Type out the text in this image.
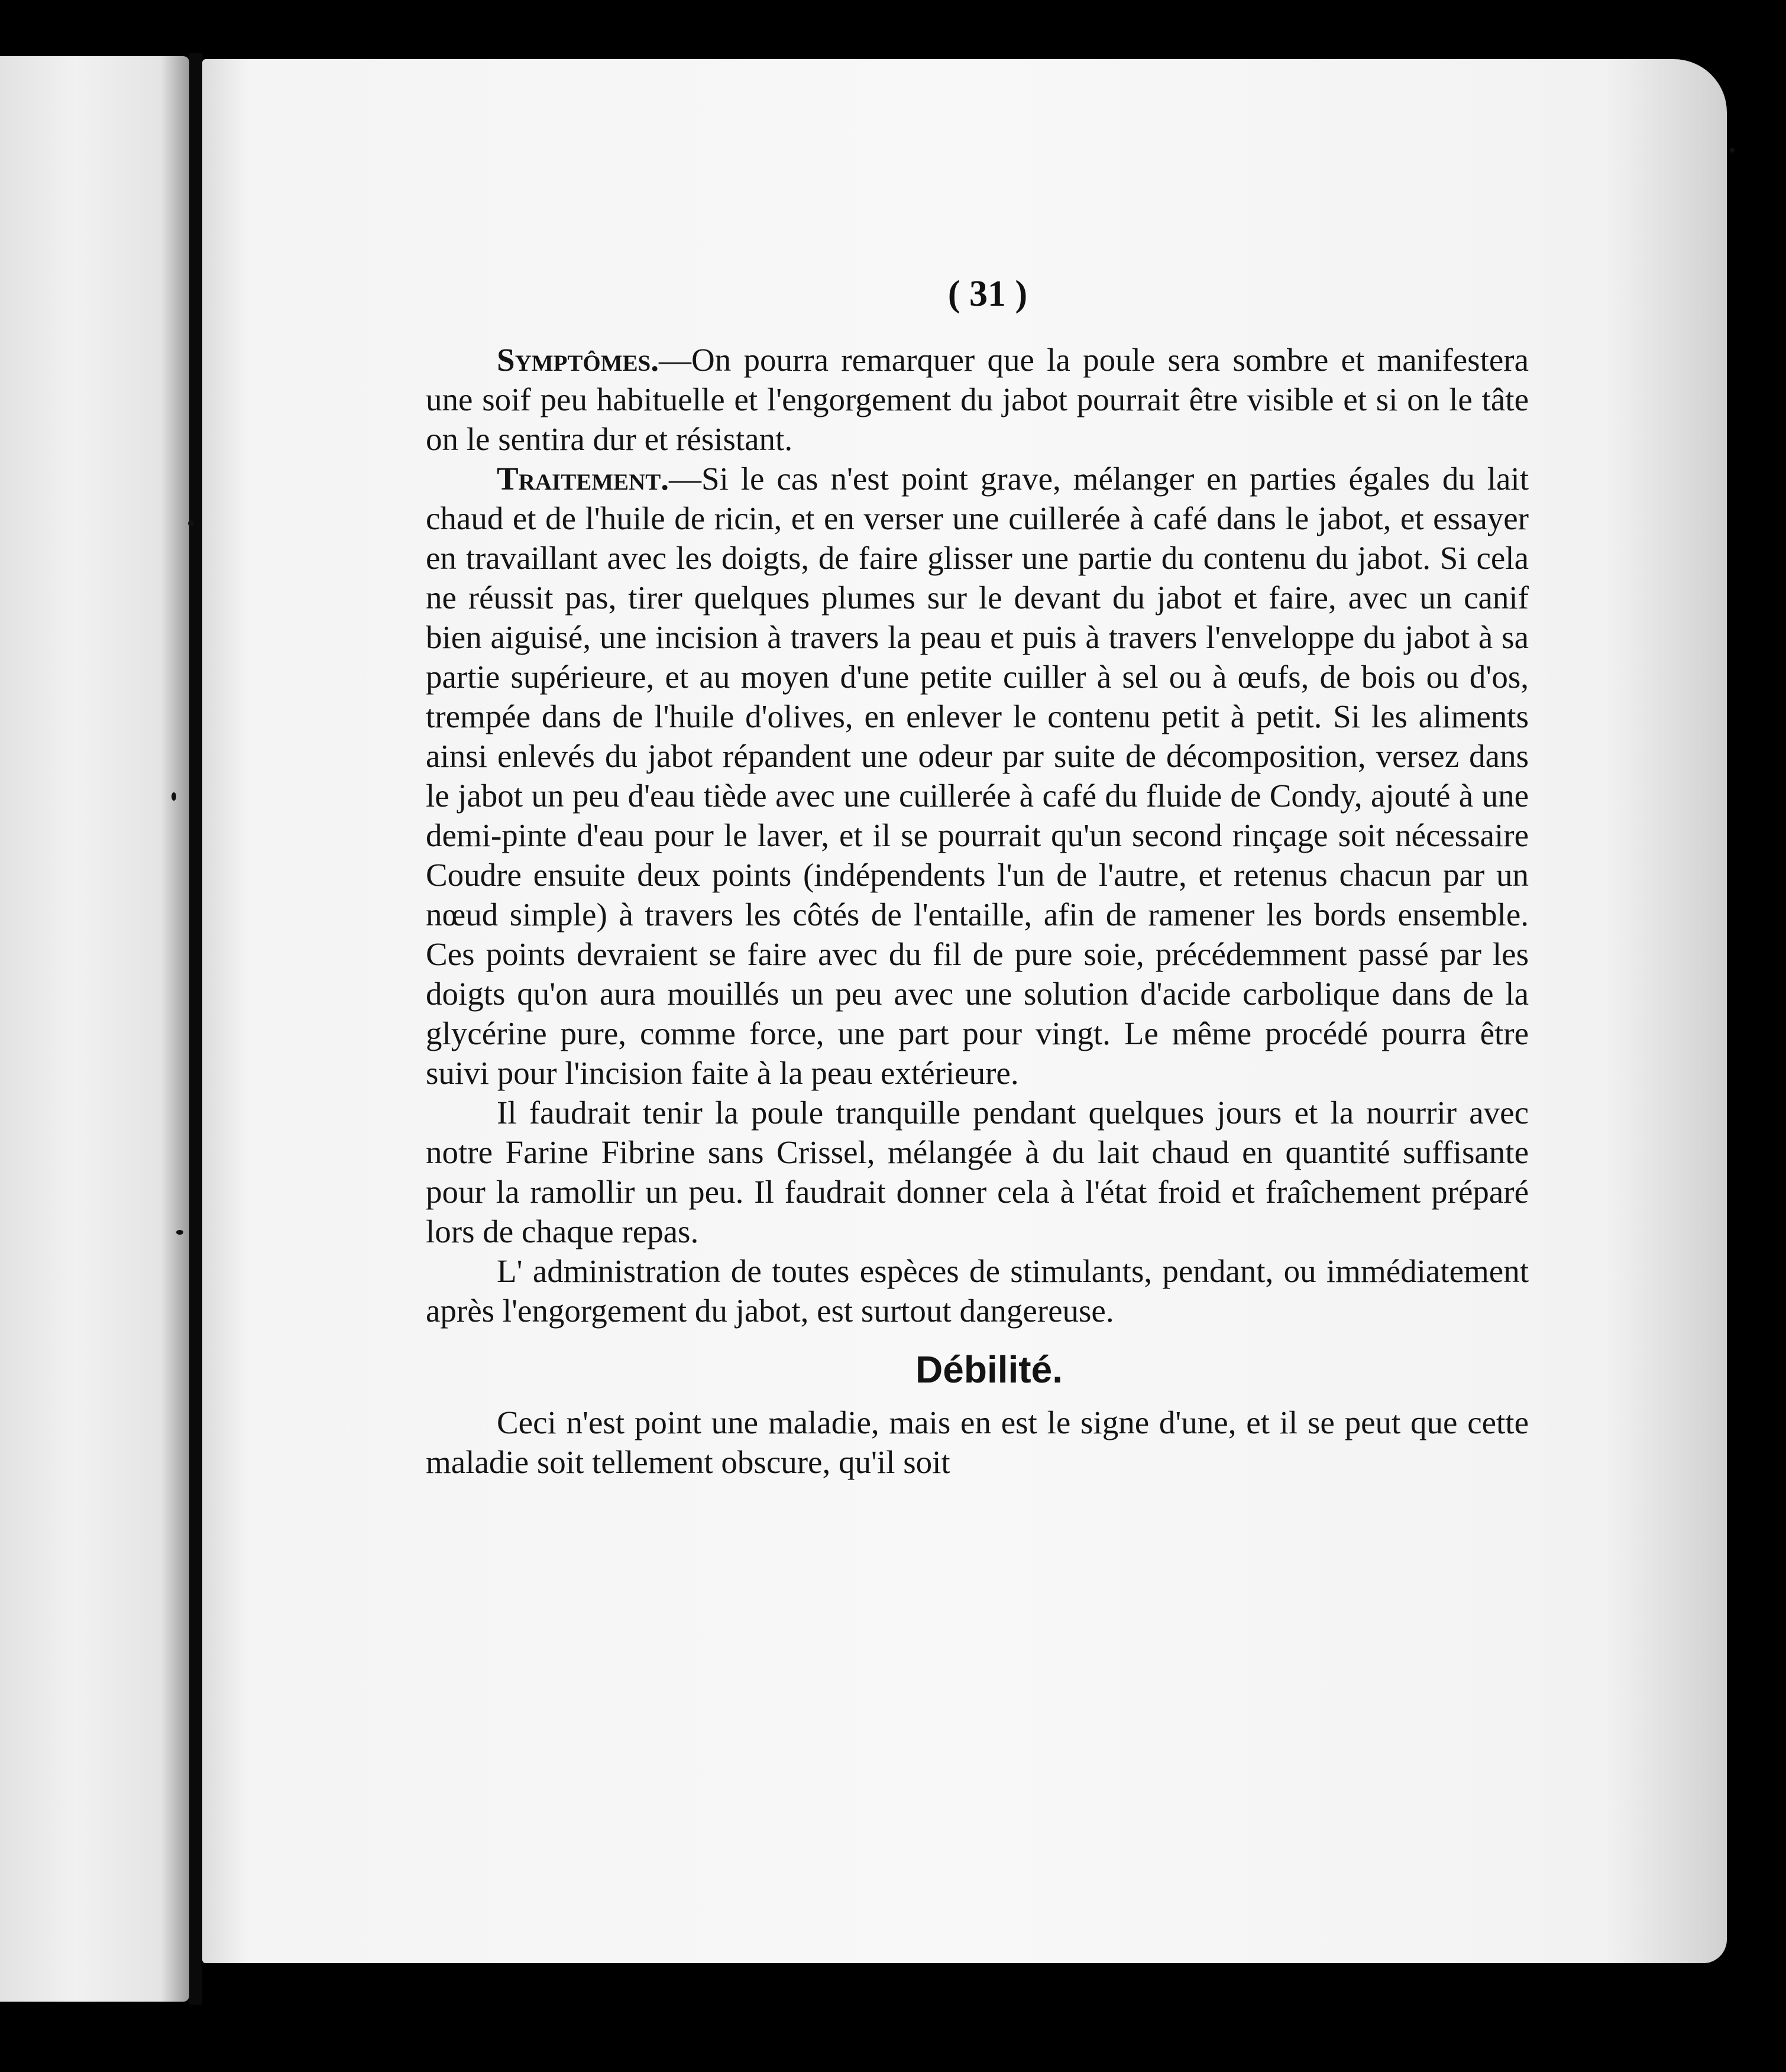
( 31 )

Symptômes.—On pourra remarquer que la poule sera sombre et manifestera une soif peu habituelle et l'engorgement du jabot pourrait être visible et si on le tâte on le sentira dur et résistant.

Traitement.—Si le cas n'est point grave, mélanger en parties égales du lait chaud et de l'huile de ricin, et en verser une cuillerée à café dans le jabot, et essayer en travaillant avec les doigts, de faire glisser une partie du contenu du jabot. Si cela ne réussit pas, tirer quelques plumes sur le devant du jabot et faire, avec un canif bien aiguisé, une incision à travers la peau et puis à travers l'enveloppe du jabot à sa partie supérieure, et au moyen d'une petite cuiller à sel ou à œufs, de bois ou d'os, trempée dans de l'huile d'olives, en enlever le contenu petit à petit. Si les aliments ainsi enlevés du jabot répandent une odeur par suite de décomposition, versez dans le jabot un peu d'eau tiède avec une cuillerée à café du fluide de Condy, ajouté à une demi-pinte d'eau pour le laver, et il se pourrait qu'un second rinçage soit nécessaire Coudre ensuite deux points (indépendents l'un de l'autre, et retenus chacun par un nœud simple) à travers les côtés de l'entaille, afin de ramener les bords ensemble. Ces points devraient se faire avec du fil de pure soie, précédemment passé par les doigts qu'on aura mouillés un peu avec une solution d'acide carbolique dans de la glycérine pure, comme force, une part pour vingt. Le même procédé pourra être suivi pour l'incision faite à la peau extérieure.

Il faudrait tenir la poule tranquille pendant quelques jours et la nourrir avec notre Farine Fibrine sans Crissel, mélangée à du lait chaud en quantité suffisante pour la ramollir un peu. Il faudrait donner cela à l'état froid et fraîchement préparé lors de chaque repas.

L' administration de toutes espèces de stimulants, pendant, ou immédiatement après l'engorgement du jabot, est surtout dangereuse.

Débilité.

Ceci n'est point une maladie, mais en est le signe d'une, et il se peut que cette maladie soit tellement obscure, qu'il soit
